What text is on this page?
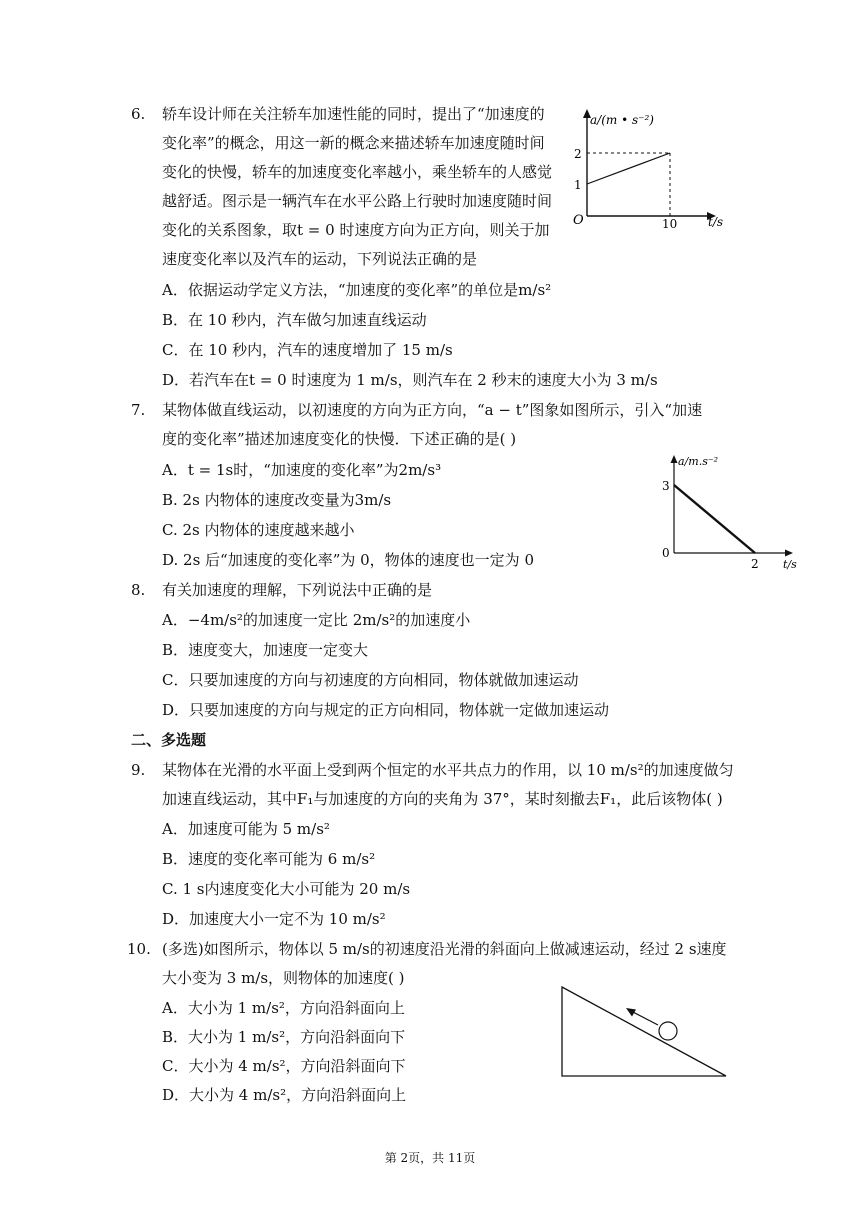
6. 轿车设计师在关注轿车加速性能的同时，提出了“加速度的
变化率”的概念，用这一新的概念来描述轿车加速度随时间
变化的快慢，轿车的加速度变化率越小，乘坐轿车的人感觉
越舒适。图示是一辆汽车在水平公路上行驶时加速度随时间
变化的关系图象，取t = 0 时速度方向为正方向，则关于加
速度变化率以及汽车的运动，下列说法正确的是
A．依据运动学定义方法，“加速度的变化率”的单位是m/s²
B．在 10 秒内，汽车做匀加速直线运动
C．在 10 秒内，汽车的速度增加了 15 m/s
D．若汽车在t = 0 时速度为 1 m/s，则汽车在 2 秒末的速度大小为 3 m/s
a/(m • s⁻²)
t/s
O
2
1
10
7. 某物体做直线运动，以初速度的方向为正方向，“a − t”图象如图所示，引入“加速
度的变化率”描述加速度变化的快慢．下述正确的是( )
A．t = 1s时，“加速度的变化率”为2m/s³
B. 2s 内物体的速度改变量为3m/s
C. 2s 内物体的速度越来越小
D. 2s 后“加速度的变化率”为 0，物体的速度也一定为 0
a/m.s⁻²
t/s
3
0
2
8. 有关加速度的理解，下列说法中正确的是
A．−4m/s²的加速度一定比 2m/s²的加速度小
B．速度变大，加速度一定变大
C．只要加速度的方向与初速度的方向相同，物体就做加速运动
D．只要加速度的方向与规定的正方向相同，物体就一定做加速运动
二、多选题
9. 某物体在光滑的水平面上受到两个恒定的水平共点力的作用，以 10 m/s²的加速度做匀
加速直线运动，其中F₁与加速度的方向的夹角为 37°，某时刻撤去F₁，此后该物体( )
A．加速度可能为 5 m/s²
B．速度的变化率可能为 6 m/s²
C. 1 s内速度变化大小可能为 20 m/s
D．加速度大小一定不为 10 m/s²
10. (多选)如图所示，物体以 5 m/s的初速度沿光滑的斜面向上做减速运动，经过 2 s速度
大小变为 3 m/s，则物体的加速度( )
A．大小为 1 m/s²，方向沿斜面向上
B．大小为 1 m/s²，方向沿斜面向下
C．大小为 4 m/s²，方向沿斜面向下
D．大小为 4 m/s²，方向沿斜面向上
第 2页，共 11页
